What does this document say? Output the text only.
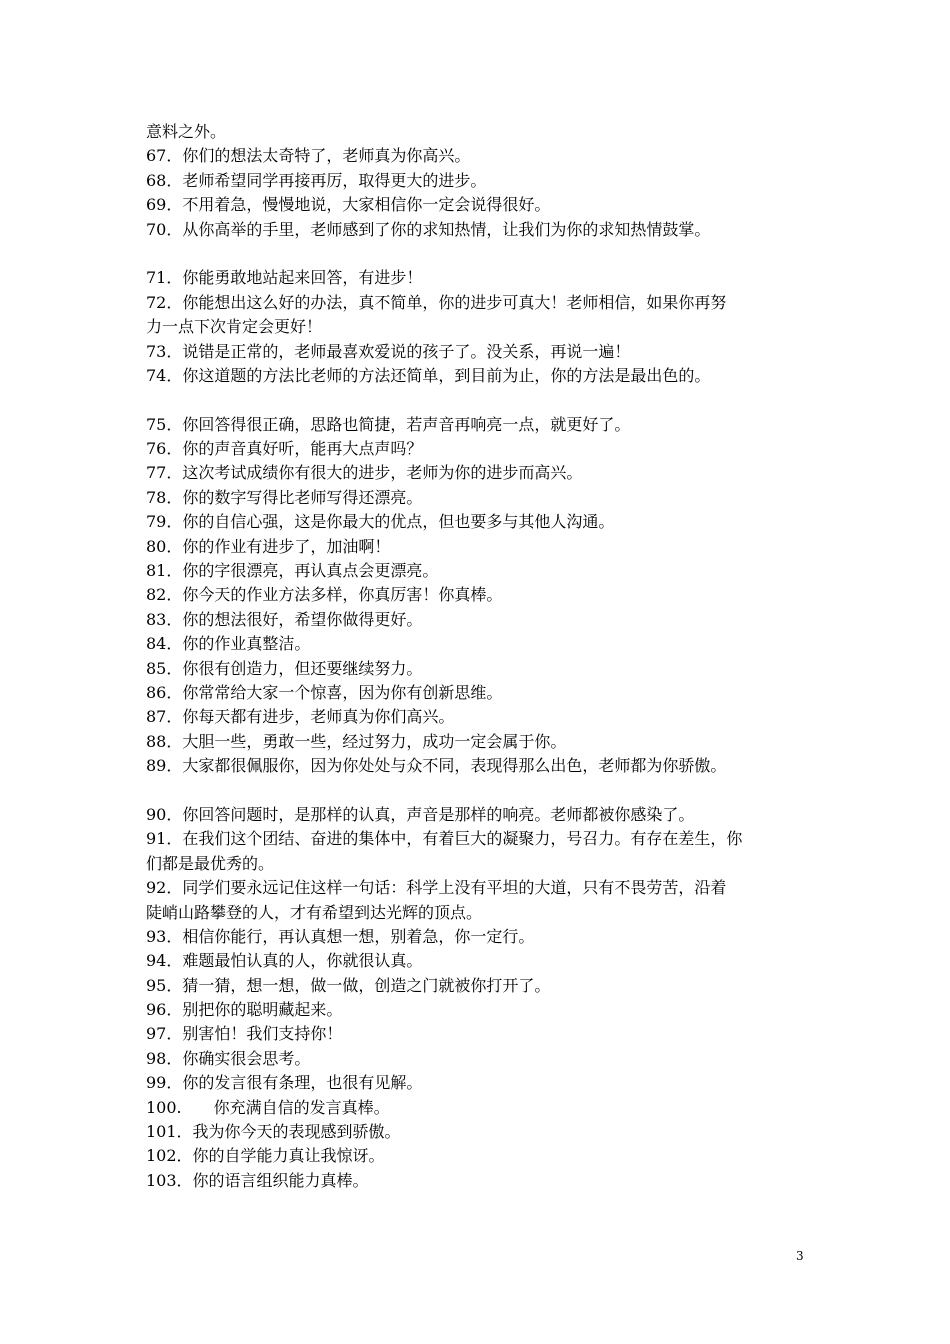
意料之外。
67．你们的想法太奇特了，老师真为你高兴。
68．老师希望同学再接再厉，取得更大的进步。
69．不用着急，慢慢地说，大家相信你一定会说得很好。
70．从你高举的手里，老师感到了你的求知热情，让我们为你的求知热情鼓掌。
71．你能勇敢地站起来回答，有进步！
72．你能想出这么好的办法，真不简单，你的进步可真大！老师相信，如果你再努
力一点下次肯定会更好！
73．说错是正常的，老师最喜欢爱说的孩子了。没关系，再说一遍！
74．你这道题的方法比老师的方法还简单，到目前为止，你的方法是最出色的。
75．你回答得很正确，思路也简捷，若声音再响亮一点，就更好了。
76．你的声音真好听，能再大点声吗？
77．这次考试成绩你有很大的进步，老师为你的进步而高兴。
78．你的数字写得比老师写得还漂亮。
79．你的自信心强，这是你最大的优点，但也要多与其他人沟通。
80．你的作业有进步了，加油啊！
81．你的字很漂亮，再认真点会更漂亮。
82．你今天的作业方法多样，你真厉害！你真棒。
83．你的想法很好，希望你做得更好。
84．你的作业真整洁。
85．你很有创造力，但还要继续努力。
86．你常常给大家一个惊喜，因为你有创新思维。
87．你每天都有进步，老师真为你们高兴。
88．大胆一些，勇敢一些，经过努力，成功一定会属于你。
89．大家都很佩服你，因为你处处与众不同，表现得那么出色，老师都为你骄傲。
90．你回答问题时，是那样的认真，声音是那样的响亮。老师都被你感染了。
91．在我们这个团结、奋进的集体中，有着巨大的凝聚力，号召力。有存在差生，你
们都是最优秀的。
92．同学们要永远记住这样一句话：科学上没有平坦的大道，只有不畏劳苦，沿着
陡峭山路攀登的人，才有希望到达光辉的顶点。
93．相信你能行，再认真想一想，别着急，你一定行。
94．难题最怕认真的人，你就很认真。
95．猜一猜，想一想，做一做，创造之门就被你打开了。
96．别把你的聪明藏起来。
97．别害怕！我们支持你！
98．你确实很会思考。
99．你的发言很有条理，也很有见解。
100.　　你充满自信的发言真棒。
101．我为你今天的表现感到骄傲。
102．你的自学能力真让我惊讶。
103．你的语言组织能力真棒。
3
